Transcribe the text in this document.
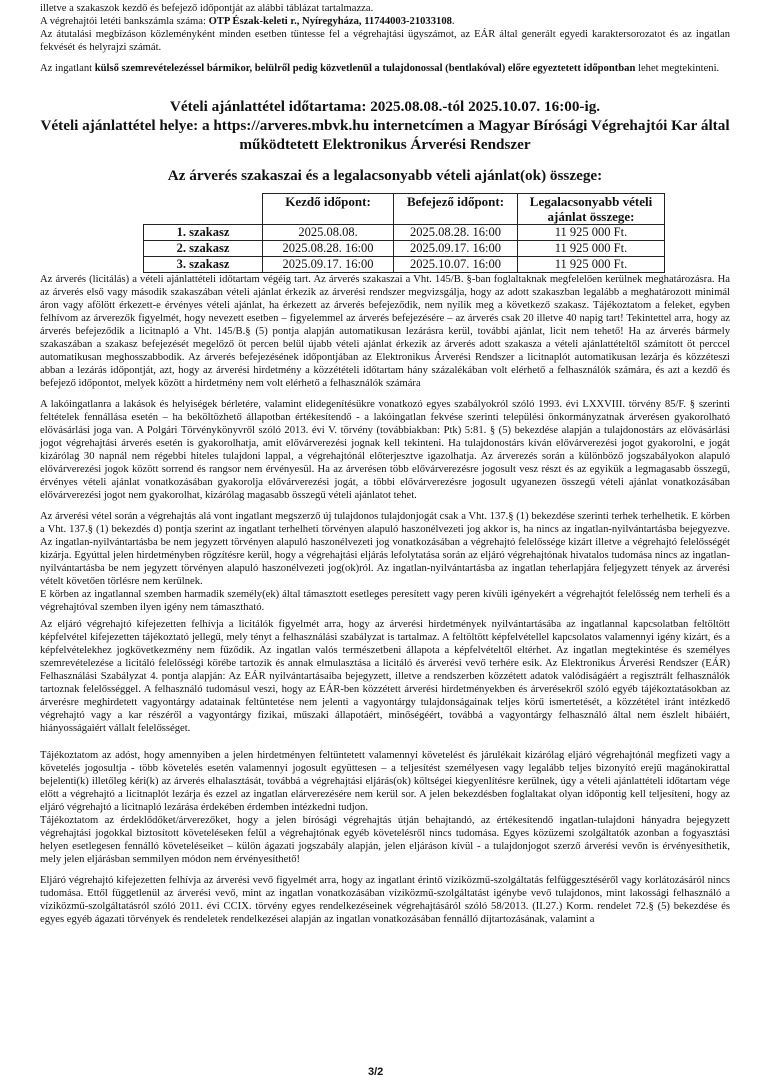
illetve a szakaszok kezdő és befejező időpontját az alábbi táblázat tartalmazza.

A végrehajtói letéti bankszámla száma: OTP Észak-keleti r., Nyíregyháza, 11744003-21033108.

Az átutalási megbízáson közleményként minden esetben tüntesse fel a végrehajtási ügyszámot, az EÁR által generált egyedi karaktersorozatot és az ingatlan fekvését és helyrajzi számát.

Az ingatlant külső szemrevételezéssel bármikor, belülről pedig közvetlenül a tulajdonossal (bentlakóval) előre egyeztetett időpontban lehet megtekinteni.

Vételi ajánlattétel időtartama: 2025.08.08.-tól 2025.10.07. 16:00-ig.

Vételi ajánlattétel helye: a https://arveres.mbvk.hu internetcímen a Magyar Bírósági Végrehajtói Kar által működtetett Elektronikus Árverési Rendszer

Az árverés szakaszai és a legalacsonyabb vételi ajánlat(ok) összege:

	Kezdő időpont:	Befejező időpont:	Legalacsonyabb vételi ajánlat összege:
1. szakasz	2025.08.08.	2025.08.28. 16:00	11 925 000 Ft.
2. szakasz	2025.08.28. 16:00	2025.09.17. 16:00	11 925 000 Ft.
3. szakasz	2025.09.17. 16:00	2025.10.07. 16:00	11 925 000 Ft.

Az árverés (licitálás) a vételi ajánlattételi időtartam végéig tart. Az árverés szakaszai a Vht. 145/B. §-ban foglaltaknak megfelelően kerülnek meghatározásra. Ha az árverés első vagy második szakaszában vételi ajánlat érkezik az árverési rendszer megvizsgálja, hogy az adott szakaszban legalább a meghatározott minimál áron vagy afölött érkezett-e érvényes vételi ajánlat, ha érkezett az árverés befejeződik, nem nyílik meg a következő szakasz. Tájékoztatom a feleket, egyben felhívom az árverezők figyelmét, hogy nevezett esetben – figyelemmel az árverés befejezésére – az árverés csak 20 illetve 40 napig tart! Tekintettel arra, hogy az árverés befejeződik a licitnapló a Vht. 145/B.§ (5) pontja alapján automatikusan lezárásra kerül, további ajánlat, licit nem tehető! Ha az árverés bármely szakaszában a szakasz befejezését megelőző öt percen belül újabb vételi ajánlat érkezik az árverés adott szakasza a vételi ajánlattételtől számított öt perccel automatikusan meghosszabbodik. Az árverés befejezésének időpontjában az Elektronikus Árverési Rendszer a licitnaplót automatikusan lezárja és közzéteszi abban a lezárás időpontját, azt, hogy az árverési hirdetmény a közzétételi időtartam hány százalékában volt elérhető a felhasználók számára, és azt a kezdő és befejező időpontot, melyek között a hirdetmény nem volt elérhető a felhasználók számára

A lakóingatlanra a lakások és helyiségek bérletére, valamint elidegenítésükre vonatkozó egyes szabályokról szóló 1993. évi LXXVIII. törvény 85/F. § szerinti feltételek fennállása esetén – ha beköltözhető állapotban értékesítendő - a lakóingatlan fekvése szerinti települési önkormányzatnak árverésen gyakorolható elővásárlási joga van. A Polgári Törvénykönyvről szóló 2013. évi V. törvény (továbbiakban: Ptk) 5:81. § (5) bekezdése alapján a tulajdonostárs az elővásárlási jogot végrehajtási árverés esetén is gyakorolhatja, amit elővárverezési jognak kell tekinteni. Ha tulajdonostárs kíván elővárverezési jogot gyakorolni, e jogát kizárólag 30 napnál nem régebbi hiteles tulajdoni lappal, a végrehajtónál előterjesztve igazolhatja. Az árverezés során a különböző jogszabályokon alapuló elővárverezési jogok között sorrend és rangsor nem érvényesül. Ha az árverésen több elővárverezésre jogosult vesz részt és az egyikük a legmagasabb összegű, érvényes vételi ajánlat vonatkozásában gyakorolja elővárverezési jogát, a többi elővárverezésre jogosult ugyanezen összegű vételi ajánlat vonatkozásában elővárverezési jogot nem gyakorolhat, kizárólag magasabb összegű vételi ajánlatot tehet.

Az árverési vétel során a végrehajtás alá vont ingatlant megszerző új tulajdonos tulajdonjogát csak a Vht. 137.§ (1) bekezdése szerinti terhek terhelhetik. E körben a Vht. 137.§ (1) bekezdés d) pontja szerint az ingatlant terhelheti törvényen alapuló haszonélvezeti jog akkor is, ha nincs az ingatlan-nyilvántartásba bejegyezve. Az ingatlan-nyilvántartásba be nem jegyzett törvényen alapuló haszonélvezeti jog vonatkozásában a végrehajtó felelőssége kizárt illetve a végrehajtó felelősségét kizárja. Egyúttal jelen hirdetményben rögzítésre kerül, hogy a végrehajtási eljárás lefolytatása során az eljáró végrehajtónak hivatalos tudomása nincs az ingatlan-nyilvántartásba be nem jegyzett törvényen alapuló haszonélvezeti jog(ok)ról. Az ingatlan-nyilvántartásba az ingatlan teherlapjára feljegyzett tények az árverési vételt követően törlésre nem kerülnek.

E körben az ingatlannal szemben harmadik személy(ek) által támasztott esetleges peresített vagy peren kívüli igényekért a végrehajtót felelősség nem terheli és a végrehajtóval szemben ilyen igény nem támasztható.

Az eljáró végrehajtó kifejezetten felhívja a licitálók figyelmét arra, hogy az árverési hirdetmények nyilvántartásába az ingatlannal kapcsolatban feltöltött képfelvétel kifejezetten tájékoztató jellegű, mely tényt a felhasználási szabályzat is tartalmaz. A feltöltött képfelvétellel kapcsolatos valamennyi igény kizárt, és a képfelvételekhez jogkövetkezmény nem fűződik. Az ingatlan valós természetbeni állapota a képfelvételtől eltérhet. Az ingatlan megtekintése és személyes szemrevételezése a licitáló felelősségi körébe tartozik és annak elmulasztása a licitáló és árverési vevő terhére esik. Az Elektronikus Árverési Rendszer (EÁR) Felhasználási Szabályzat 4. pontja alapján: Az EÁR nyilvántartásaiba bejegyzett, illetve a rendszerben közzétett adatok valódiságáért a regisztrált felhasználók tartoznak felelősséggel. A felhasználó tudomásul veszi, hogy az EÁR-ben közzétett árverési hirdetményekben és árverésekről szóló egyéb tájékoztatásokban az árverésre meghirdetett vagyontárgy adatainak feltüntetése nem jelenti a vagyontárgy tulajdonságainak teljes körű ismertetését, a közzététel iránt intézkedő végrehajtó vagy a kar részéről a vagyontárgy fizikai, műszaki állapotáért, minőségéért, továbbá a vagyontárgy felhasználó által nem észlelt hibáiért, hiányosságaiért vállalt felelősséget.

Tájékoztatom az adóst, hogy amennyiben a jelen hirdetményen feltüntetett valamennyi követelést és járulékait kizárólag eljáró végrehajtónál megfizeti vagy a követelés jogosultja - több követelés esetén valamennyi jogosult együttesen – a teljesítést személyesen vagy legalább teljes bizonyító erejű magánokirattal bejelenti(k) illetőleg kéri(k) az árverés elhalasztását, továbbá a végrehajtási eljárás(ok) költségei kiegyenlítésre kerülnek, úgy a vételi ajánlattételi időtartam vége előtt a végrehajtó a licitnaplót lezárja és ezzel az ingatlan elárverezésére nem kerül sor. A jelen bekezdésben foglaltakat olyan időpontig kell teljesíteni, hogy az eljáró végrehajtó a licitnapló lezárása érdekében érdemben intézkedni tudjon.

Tájékoztatom az érdeklődőket/árverezőket, hogy a jelen bírósági végrehajtás útján behajtandó, az értékesítendő ingatlan-tulajdoni hányadra bejegyzett végrehajtási jogokkal biztosított követeléseken felül a végrehajtónak egyéb követelésről nincs tudomása. Egyes közüzemi szolgáltatók azonban a fogyasztási helyen esetlegesen fennálló követeléseiket – külön ágazati jogszabály alapján, jelen eljáráson kívül - a tulajdonjogot szerző árverési vevőn is érvényesíthetik, mely jelen eljárásban semmilyen módon nem érvényesíthető!

Eljáró végrehajtó kifejezetten felhívja az árverési vevő figyelmét arra, hogy az ingatlant érintő víziközmű-szolgáltatás felfüggesztéséről vagy korlátozásáról nincs tudomása. Ettől függetlenül az árverési vevő, mint az ingatlan vonatkozásában víziközmű-szolgáltatást igénybe vevő tulajdonos, mint lakossági felhasználó a víziközmű-szolgáltatásról szóló 2011. évi CCIX. törvény egyes rendelkezéseinek végrehajtásáról szóló 58/2013. (II.27.) Korm. rendelet 72.§ (5) bekezdése és egyes egyéb ágazati törvények és rendeletek rendelkezései alapján az ingatlan vonatkozásában fennálló díjtartozásának, valamint a

3/2
